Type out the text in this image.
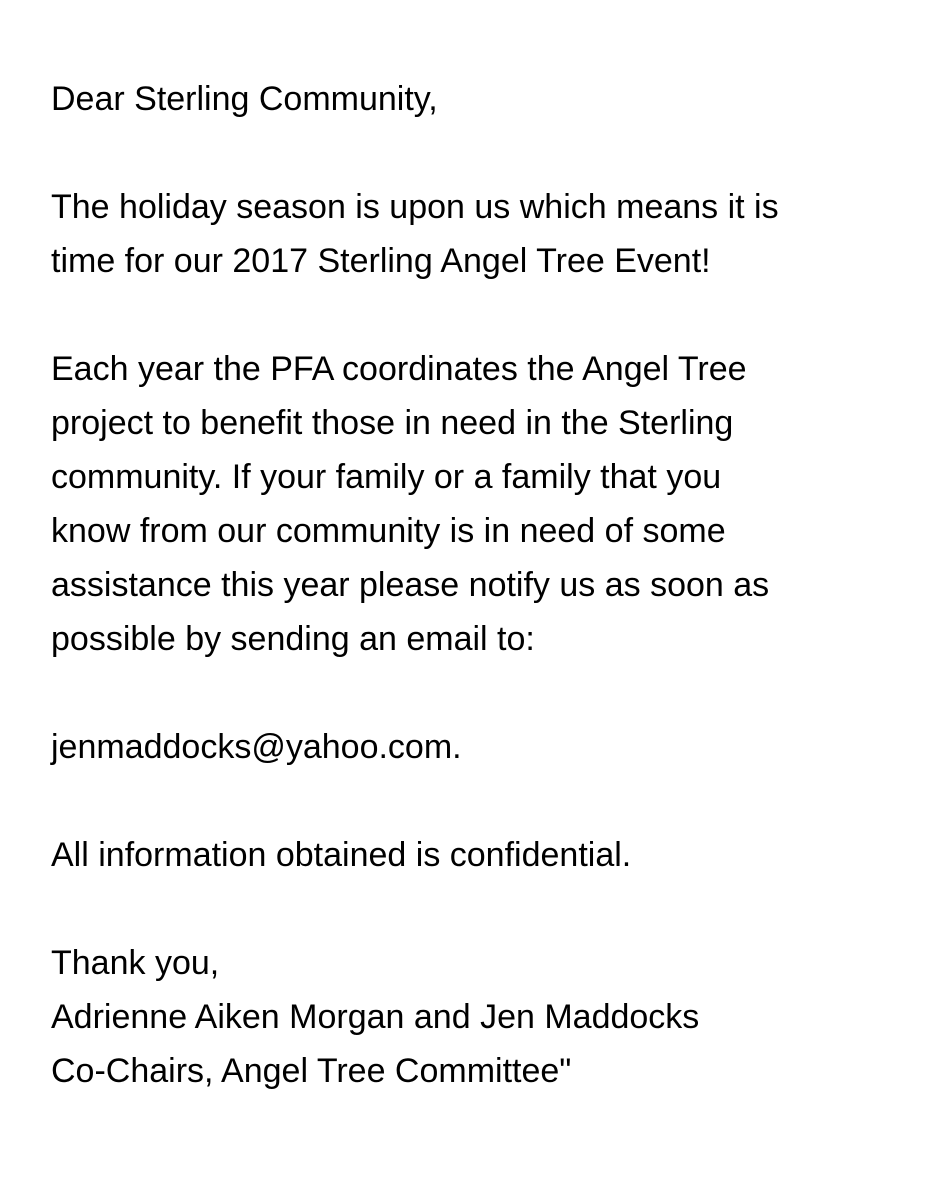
Dear Sterling Community,

The holiday season is upon us which means it is

time for our 2017 Sterling Angel Tree Event!

Each year the PFA coordinates the Angel Tree

project to benefit those in need in the Sterling

community. If your family or a family that you

know from our community is in need of some

assistance this year please notify us as soon as

possible by sending an email to:

jenmaddocks@yahoo.com.

All information obtained is confidential.

Thank you,

Adrienne Aiken Morgan and Jen Maddocks

Co-Chairs, Angel Tree Committee"
